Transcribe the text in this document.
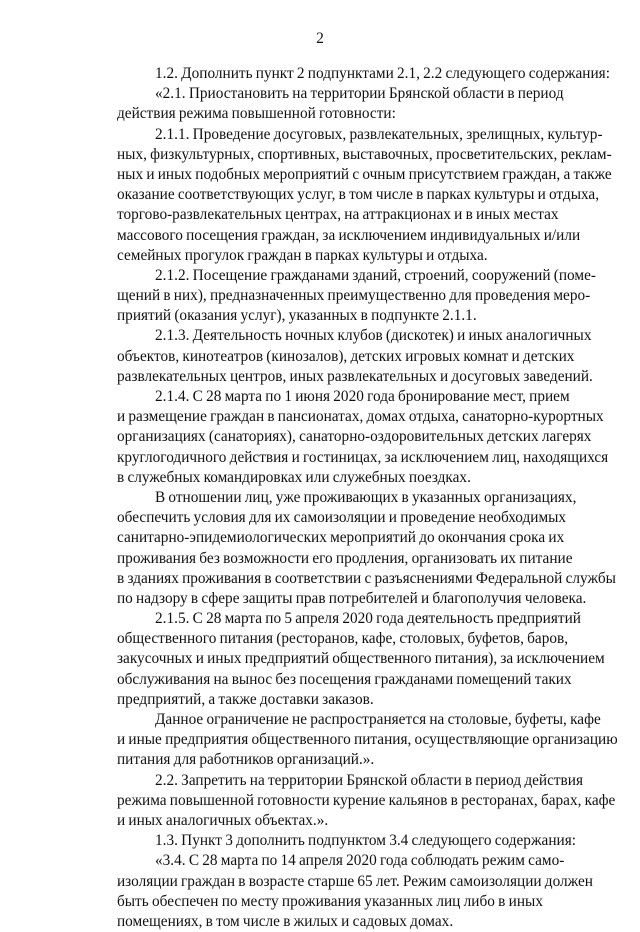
2
1.2. Дополнить пункт 2 подпунктами 2.1, 2.2 следующего содержания:
«2.1. Приостановить на территории Брянской области в период
действия режима повышенной готовности:
2.1.1. Проведение досуговых, развлекательных, зрелищных, культур-
ных, физкультурных, спортивных, выставочных, просветительских, реклам-
ных и иных подобных мероприятий с очным присутствием граждан, а также
оказание соответствующих услуг, в том числе в парках культуры и отдыха,
торгово-развлекательных центрах, на аттракционах и в иных местах
массового посещения граждан, за исключением индивидуальных и/или
семейных прогулок граждан в парках культуры и отдыха.
2.1.2. Посещение гражданами зданий, строений, сооружений (поме-
щений в них), предназначенных преимущественно для проведения меро-
приятий (оказания услуг), указанных в подпункте 2.1.1.
2.1.3. Деятельность ночных клубов (дискотек) и иных аналогичных
объектов, кинотеатров (кинозалов), детских игровых комнат и детских
развлекательных центров, иных развлекательных и досуговых заведений.
2.1.4. С 28 марта по 1 июня 2020 года бронирование мест, прием
и размещение граждан в пансионатах, домах отдыха, санаторно-курортных
организациях (санаториях), санаторно-оздоровительных детских лагерях
круглогодичного действия и гостиницах, за исключением лиц, находящихся
в служебных командировках или служебных поездках.
В отношении лиц, уже проживающих в указанных организациях,
обеспечить условия для их самоизоляции и проведение необходимых
санитарно-эпидемиологических мероприятий до окончания срока их
проживания без возможности его продления, организовать их питание
в зданиях проживания в соответствии с разъяснениями Федеральной службы
по надзору в сфере защиты прав потребителей и благополучия человека.
2.1.5. С 28 марта по 5 апреля 2020 года деятельность предприятий
общественного питания (ресторанов, кафе, столовых, буфетов, баров,
закусочных и иных предприятий общественного питания), за исключением
обслуживания на вынос без посещения гражданами помещений таких
предприятий, а также доставки заказов.
Данное ограничение не распространяется на столовые, буфеты, кафе
и иные предприятия общественного питания, осуществляющие организацию
питания для работников организаций.».
2.2. Запретить на территории Брянской области в период действия
режима повышенной готовности курение кальянов в ресторанах, барах, кафе
и иных аналогичных объектах.».
1.3. Пункт 3 дополнить подпунктом 3.4 следующего содержания:
«3.4. С 28 марта по 14 апреля 2020 года соблюдать режим само-
изоляции граждан в возрасте старше 65 лет. Режим самоизоляции должен
быть обеспечен по месту проживания указанных лиц либо в иных
помещениях, в том числе в жилых и садовых домах.
